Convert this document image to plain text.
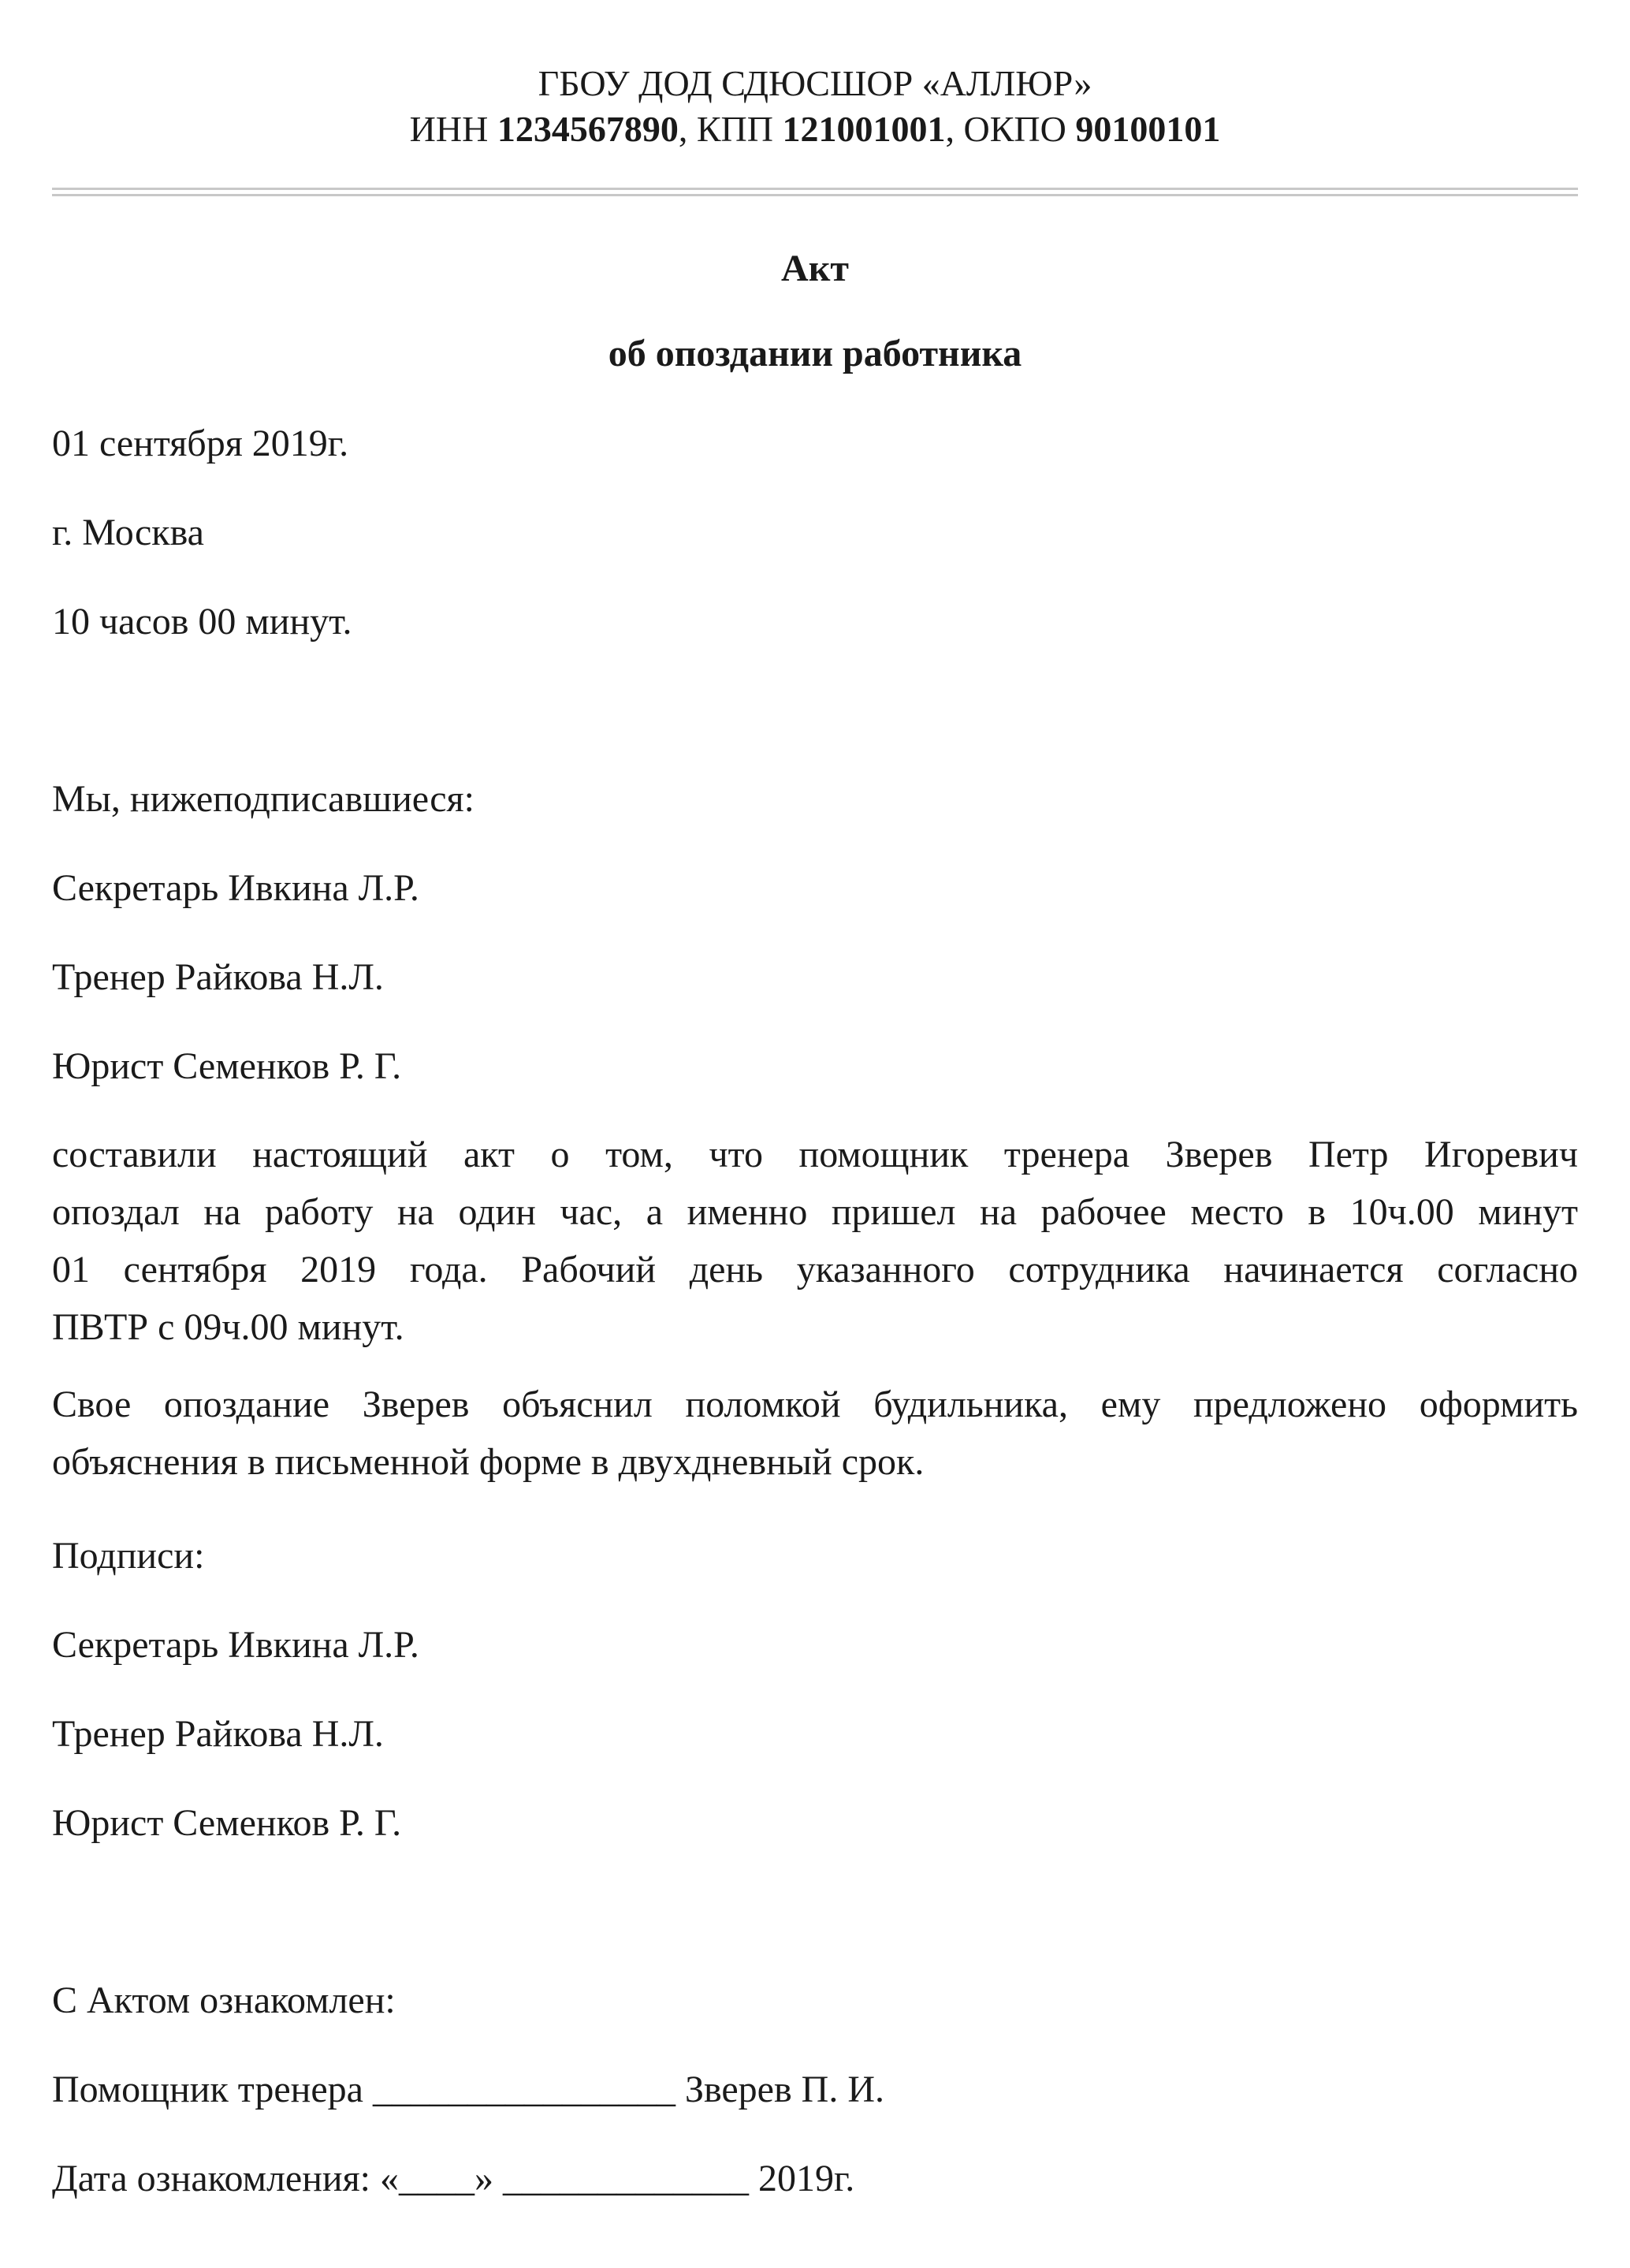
ГБОУ ДОД СДЮСШОР «АЛЛЮР»
ИНН 1234567890, КПП 121001001, ОКПО 90100101
Акт
об опоздании работника
01 сентября 2019г.
г. Москва
10 часов 00 минут.
Мы, нижеподписавшиеся:
Секретарь Ивкина Л.Р.
Тренер Райкова Н.Л.
Юрист Семенков Р. Г.
составили настоящий акт о том, что помощник тренера Зверев Петр Игоревич
опоздал на работу на один час, а именно пришел на рабочее место в 10ч.00 минут
01 сентября 2019 года. Рабочий день указанного сотрудника начинается согласно
ПВТР с 09ч.00 минут.
Свое опоздание Зверев объяснил поломкой будильника, ему предложено оформить
объяснения в письменной форме в двухдневный срок.
Подписи:
Секретарь Ивкина Л.Р.
Тренер Райкова Н.Л.
Юрист Семенков Р. Г.
С Актом ознакомлен:
Помощник тренера ________________ Зверев П. И.
Дата ознакомления: «____» _____________ 2019г.
